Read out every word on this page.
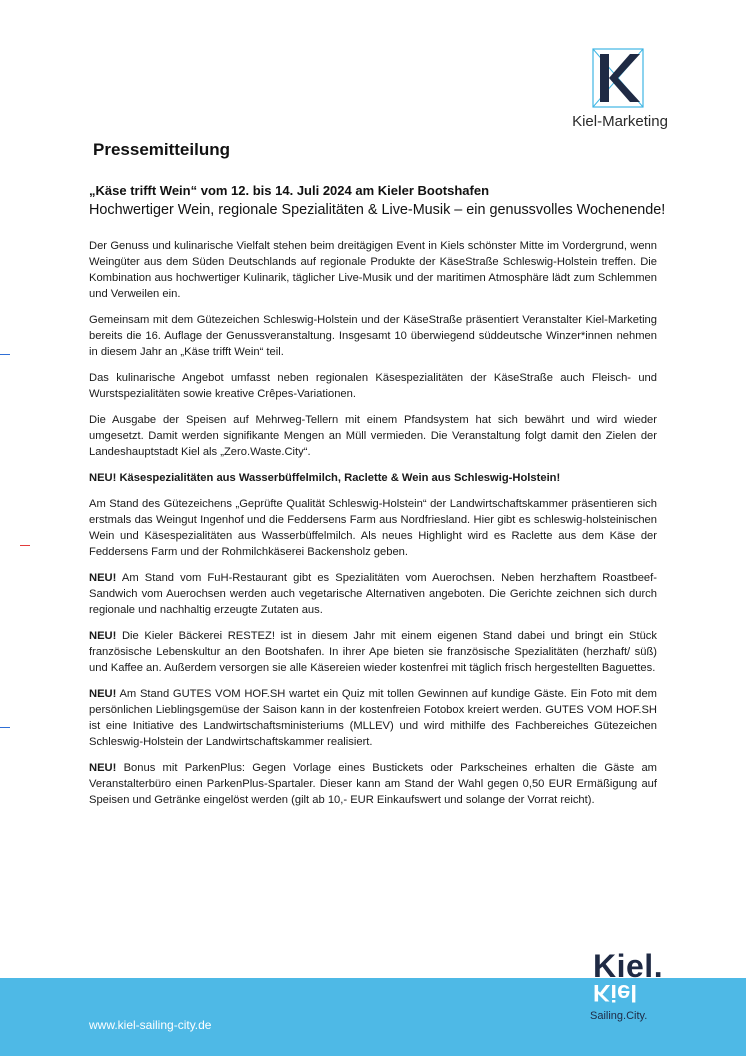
Kiel-Marketing
Pressemitteilung
„Käse trifft Wein“ vom 12. bis 14. Juli 2024 am Kieler Bootshafen

Hochwertiger Wein, regionale Spezialitäten & Live-Musik – ein genussvolles Wochenende!

Der Genuss und kulinarische Vielfalt stehen beim dreitägigen Event in Kiels schönster Mitte im Vordergrund, wenn Weingüter aus dem Süden Deutschlands auf regionale Produkte der KäseStraße Schleswig-Holstein treffen. Die Kombination aus hochwertiger Kulinarik, täglicher Live-Musik und der maritimen Atmosphäre lädt zum Schlemmen und Verweilen ein.

Gemeinsam mit dem Gütezeichen Schleswig-Holstein und der KäseStraße präsentiert Veranstalter Kiel-Marketing bereits die 16. Auflage der Genussveranstaltung. Insgesamt 10 überwiegend süddeutsche Winzer*innen nehmen in diesem Jahr an „Käse trifft Wein“ teil.

Das kulinarische Angebot umfasst neben regionalen Käsespezialitäten der KäseStraße auch Fleisch- und Wurstspezialitäten sowie kreative Crêpes-Variationen.

Die Ausgabe der Speisen auf Mehrweg-Tellern mit einem Pfandsystem hat sich bewährt und wird wieder umgesetzt. Damit werden signifikante Mengen an Müll vermieden. Die Veranstaltung folgt damit den Zielen der Landeshauptstadt Kiel als „Zero.Waste.City“.

NEU! Käsespezialitäten aus Wasserbüffelmilch, Raclette & Wein aus Schleswig-Holstein!

Am Stand des Gütezeichens „Geprüfte Qualität Schleswig-Holstein“ der Landwirtschaftskammer präsentieren sich erstmals das Weingut Ingenhof und die Feddersens Farm aus Nordfriesland. Hier gibt es schleswig-holsteinischen Wein und Käsespezialitäten aus Wasserbüffelmilch. Als neues Highlight wird es Raclette aus dem Käse der Feddersens Farm und der Rohmilchkäserei Backensholz geben.

NEU! Am Stand vom FuH-Restaurant gibt es Spezialitäten vom Auerochsen. Neben herzhaftem Roastbeef-Sandwich vom Auerochsen werden auch vegetarische Alternativen angeboten. Die Gerichte zeichnen sich durch regionale und nachhaltig erzeugte Zutaten aus.

NEU! Die Kieler Bäckerei RESTEZ! ist in diesem Jahr mit einem eigenen Stand dabei und bringt ein Stück französische Lebenskultur an den Bootshafen. In ihrer Ape bieten sie französische Spezialitäten (herzhaft/ süß) und Kaffee an. Außerdem versorgen sie alle Käsereien wieder kostenfrei mit täglich frisch hergestellten Baguettes.

NEU! Am Stand GUTES VOM HOF.SH wartet ein Quiz mit tollen Gewinnen auf kundige Gäste. Ein Foto mit dem persönlichen Lieblingsgemüse der Saison kann in der kostenfreien Fotobox kreiert werden. GUTES VOM HOF.SH ist eine Initiative des Landwirtschaftsministeriums (MLLEV) und wird mithilfe des Fachbereiches Gütezeichen Schleswig-Holstein der Landwirtschaftskammer realisiert.

NEU! Bonus mit ParkenPlus: Gegen Vorlage eines Bustickets oder Parkscheines erhalten die Gäste am Veranstalterbüro einen ParkenPlus-Spartaler. Dieser kann am Stand der Wahl gegen 0,50 EUR Ermäßigung auf Speisen und Getränke eingelöst werden (gilt ab 10,- EUR Einkaufswert und solange der Vorrat reicht).

www.kiel-sailing-city.de
Kiel.
Kiel
Sailing.City.
